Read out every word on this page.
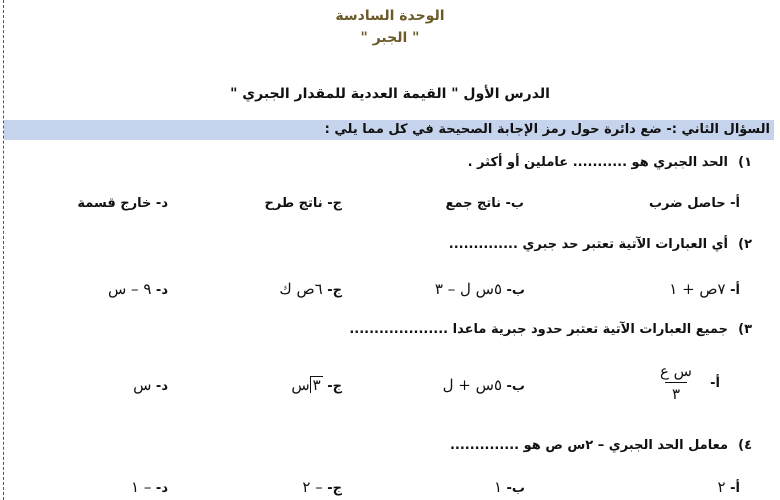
الوحدة السادسة
" الجبر "
الدرس الأول " القيمة العددية للمقدار الجبري "
السؤال الثاني :- ضع دائرة حول رمز الإجابة الصحيحة في كل مما يلي :
١)
الحد الجبري هو ........... عاملين أو أكثر .
أ- حاصل ضرب
ب- ناتج جمع
ج- ناتج طرح
د- خارج قسمة
٢)
أي العبارات الآتية تعتبر حد جبري ..............
أ- ٧ص + ١
ب- ٥س ل – ٣
ج- ٦ص ك
د- ٩ – س
٣)
جميع العبارات الآتية تعتبر حدود جبرية ماعدا ....................
أ-
س ع
٣
ب- ٥س + ل
ج- ٣س
د- س
٤)
معامل الحد الجبري – ٢س ص هو ..............
أ- ٢
ب- ١
ج- – ٢
د- – ١
